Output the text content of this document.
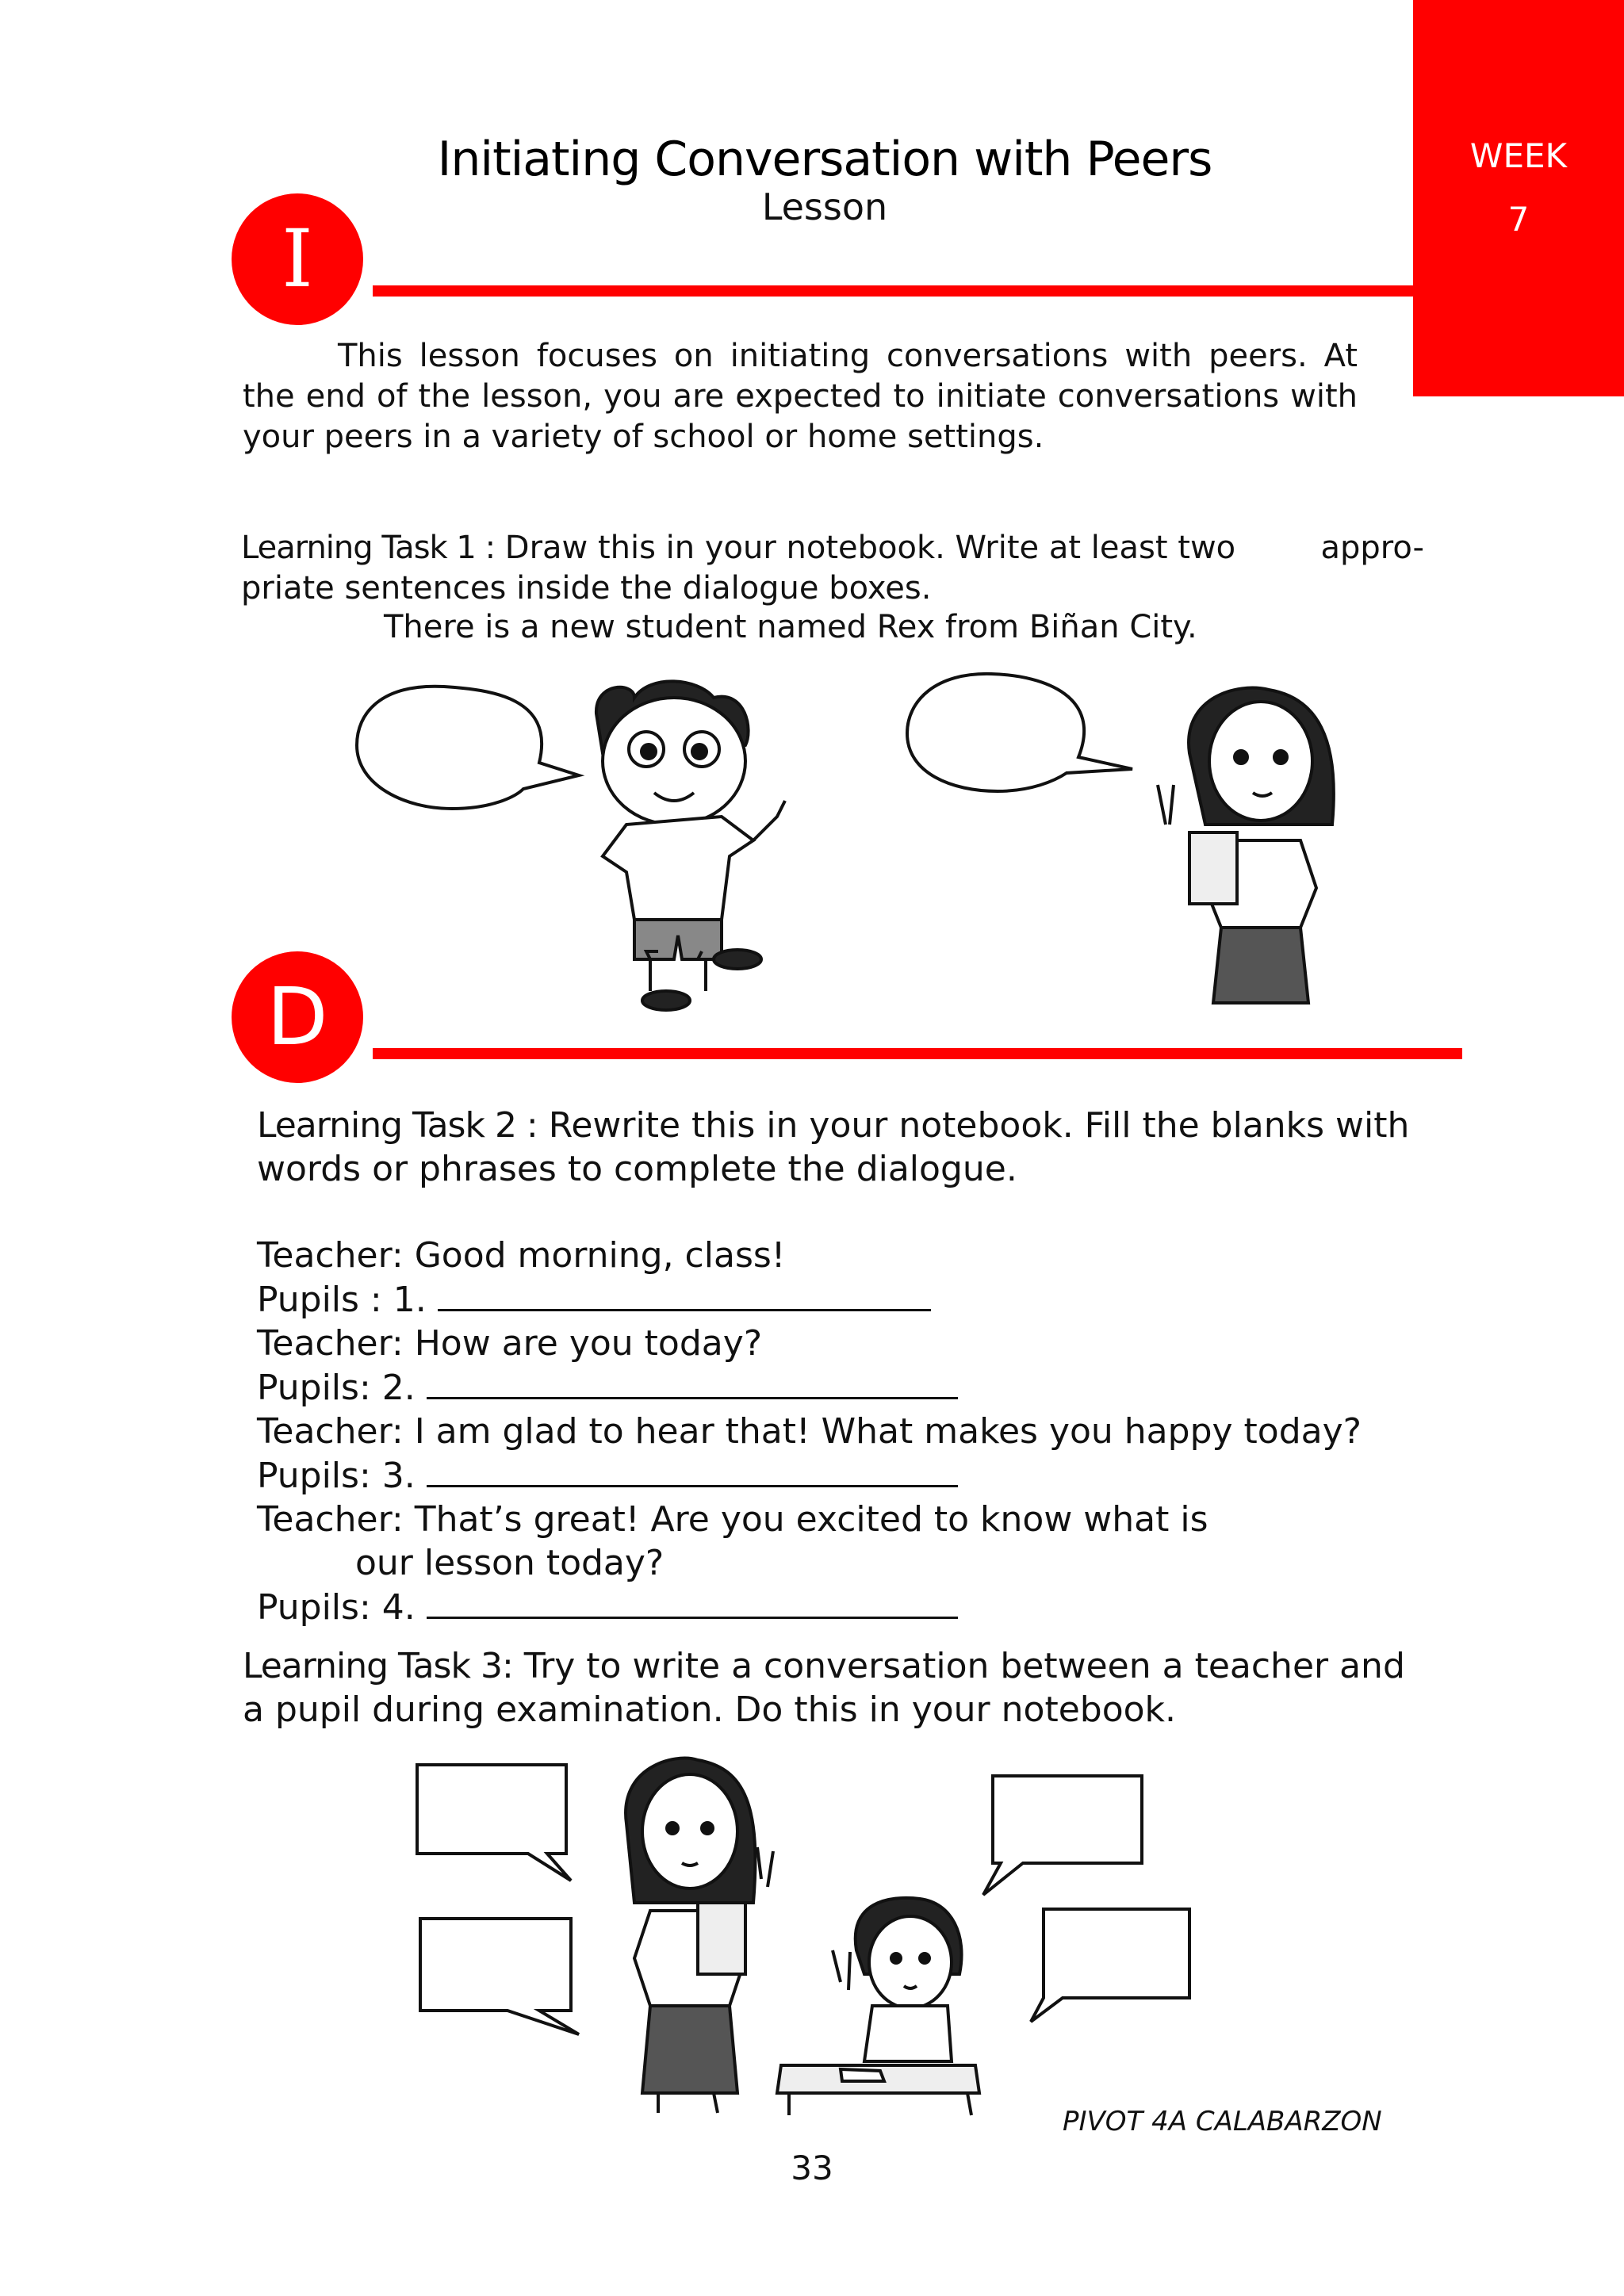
WEEK
7
Initiating Conversation with Peers
Lesson
I
This lesson focuses on initiating conversations with peers. At the end of the lesson, you are expected to initiate conversations with your peers in a variety of school or home settings.
Learning Task 1 : Draw this in your notebook. Write at least two	appro-
priate sentences inside the dialogue boxes.
There is a new student named Rex from Biñan City.
D
Learning Task 2 : Rewrite this in your notebook. Fill the blanks with words or phrases to complete the dialogue.
Teacher: Good morning, class!
Pupils : 1.
Teacher: How are you today?
Pupils: 2.
Teacher: I am glad to hear that! What makes you happy today?
Pupils: 3.
Teacher: That’s great! Are you excited to know what is
our lesson today?
Pupils: 4.
Learning Task 3: Try to write a conversation between a teacher and a pupil during examination. Do this in your notebook.
PIVOT 4A CALABARZON
33
